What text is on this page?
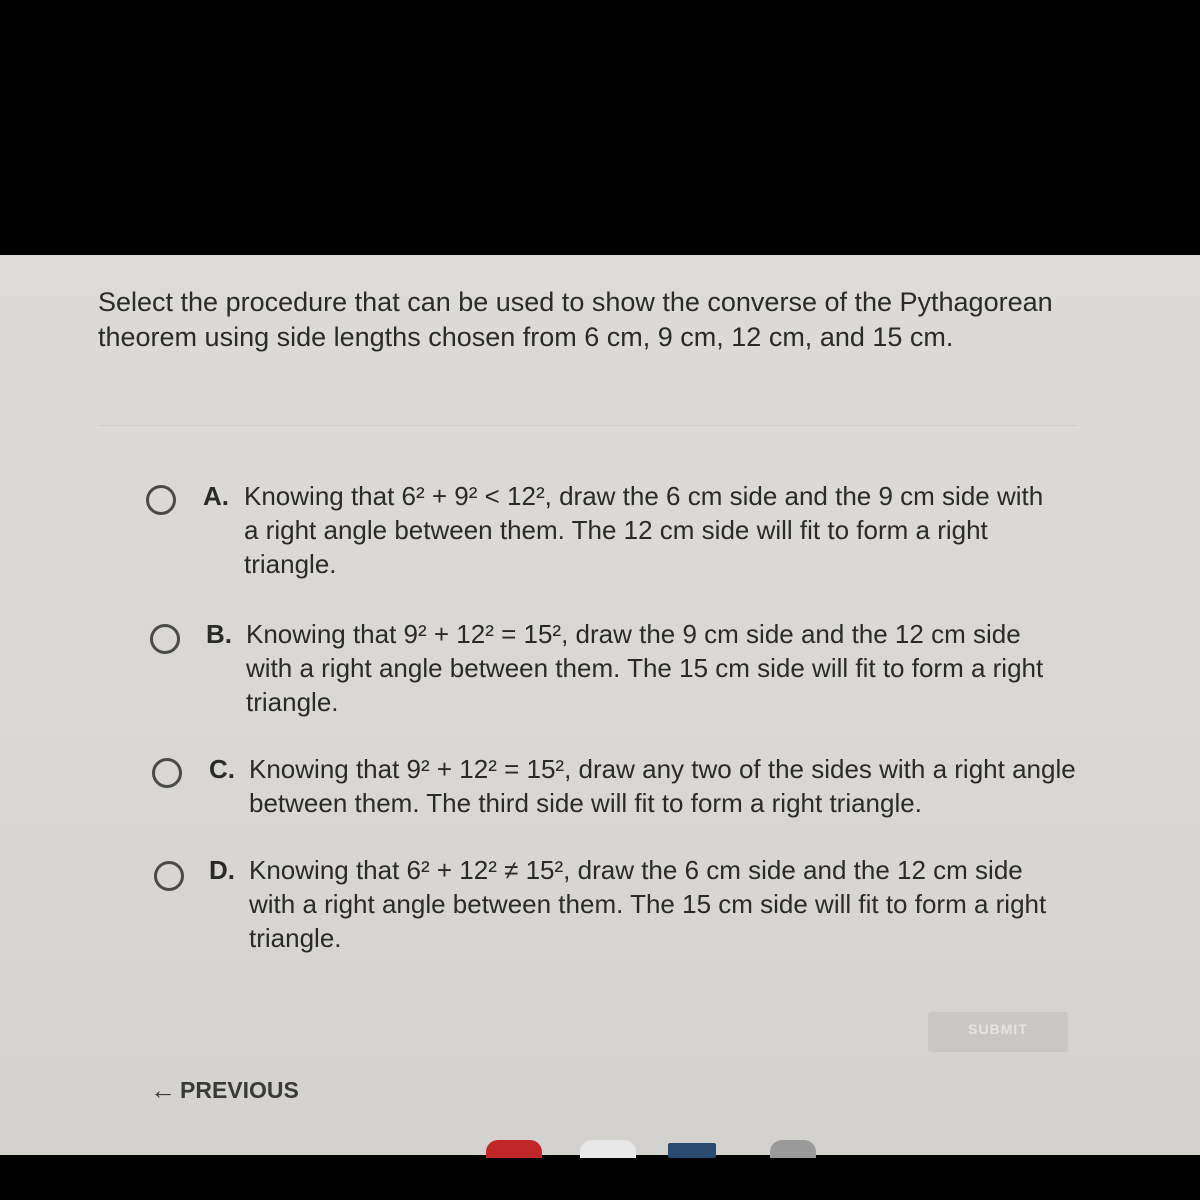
Select the procedure that can be used to show the converse of the Pythagorean theorem using side lengths chosen from 6 cm, 9 cm, 12 cm, and 15 cm.
A. Knowing that 6² + 9² < 12², draw the 6 cm side and the 9 cm side with a right angle between them. The 12 cm side will fit to form a right triangle.
B. Knowing that 9² + 12² = 15², draw the 9 cm side and the 12 cm side with a right angle between them. The 15 cm side will fit to form a right triangle.
C. Knowing that 9² + 12² = 15², draw any two of the sides with a right angle between them. The third side will fit to form a right triangle.
D. Knowing that 6² + 12² ≠ 15², draw the 6 cm side and the 12 cm side with a right angle between them. The 15 cm side will fit to form a right triangle.
SUBMIT
← PREVIOUS
